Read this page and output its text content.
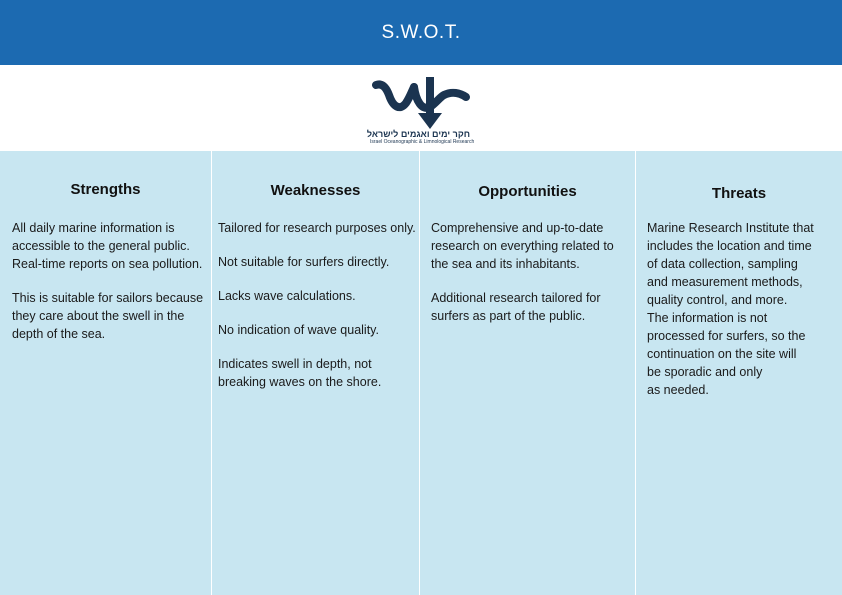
S.W.O.T.
חקר ימים ואגמים לישראל
Israel Oceanographic & Limnological Research
Strengths

All daily marine information is accessible to the general public. Real-time reports on sea pollution.

This is suitable for sailors because they care about the swell in the depth of the sea.

Weaknesses

Tailored for research purposes only.

Not suitable for surfers directly.

Lacks wave calculations.

No indication of wave quality.

Indicates swell in depth, not breaking waves on the shore.

Opportunities

Comprehensive and up-to-date research on everything related to the sea and its inhabitants.

Additional research tailored for surfers as part of the public.

Threats
Marine Research Institute that
includes the location and time
of data collection, sampling
and measurement methods,
quality control, and more.
The information is not
processed for surfers, so the
continuation on the site will
be sporadic and only
as needed.
